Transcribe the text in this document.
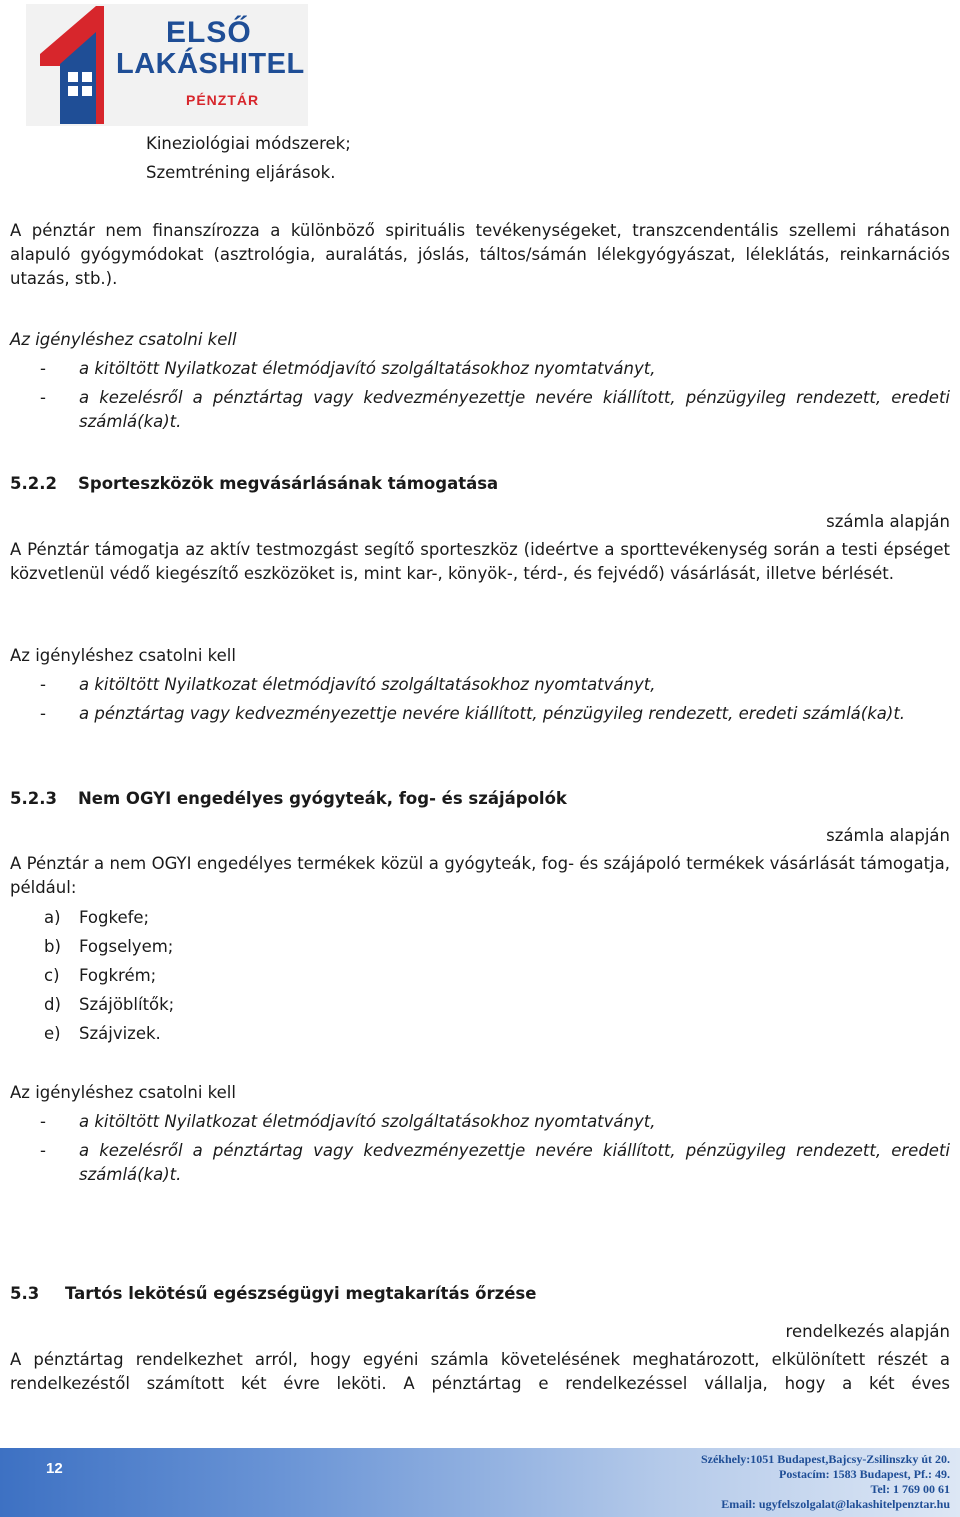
ELSŐ
LAKÁSHITEL
PÉNZTÁR
Kineziológiai módszerek;
Szemtréning eljárások.
A pénztár nem finanszírozza a különböző spirituális tevékenységeket, transzcendentális szellemi ráhatáson alapuló gyógymódokat (asztrológia, auralátás, jóslás, táltos/sámán lélekgyógyászat, léleklátás, reinkarnációs utazás, stb.).
Az igényléshez csatolni kell
- a kitöltött Nyilatkozat életmódjavító szolgáltatásokhoz nyomtatványt,
- a kezelésről a pénztártag vagy kedvezményezettje nevére kiállított, pénzügyileg rendezett, eredeti számlá(ka)t.
5.2.2 Sporteszközök megvásárlásának támogatása
számla alapján
A Pénztár támogatja az aktív testmozgást segítő sporteszköz (ideértve a sporttevékenység során a testi épséget közvetlenül védő kiegészítő eszközöket is, mint kar-, könyök-, térd-, és fejvédő) vásárlását, illetve bérlését.
Az igényléshez csatolni kell
- a kitöltött Nyilatkozat életmódjavító szolgáltatásokhoz nyomtatványt,
- a pénztártag vagy kedvezményezettje nevére kiállított, pénzügyileg rendezett, eredeti számlá(ka)t.
5.2.3 Nem OGYI engedélyes gyógyteák, fog- és szájápolók
számla alapján
A Pénztár a nem OGYI engedélyes termékek közül a gyógyteák, fog- és szájápoló termékek vásárlását támogatja, például:
a) Fogkefe;
b) Fogselyem;
c) Fogkrém;
d) Szájöblítők;
e) Szájvizek.
Az igényléshez csatolni kell
- a kitöltött Nyilatkozat életmódjavító szolgáltatásokhoz nyomtatványt,
- a kezelésről a pénztártag vagy kedvezményezettje nevére kiállított, pénzügyileg rendezett, eredeti számlá(ka)t.
5.3 Tartós lekötésű egészségügyi megtakarítás őrzése
rendelkezés alapján
A pénztártag rendelkezhet arról, hogy egyéni számla követelésének meghatározott, elkülönített részét a rendelkezéstől számított két évre leköti. A pénztártag e rendelkezéssel vállalja, hogy a két éves
12
Székhely:1051 Budapest,Bajcsy-Zsilinszky út 20.
Postacím: 1583 Budapest, Pf.: 49.
Tel: 1 769 00 61
Email: ugyfelszolgalat@lakashitelpenztar.hu
